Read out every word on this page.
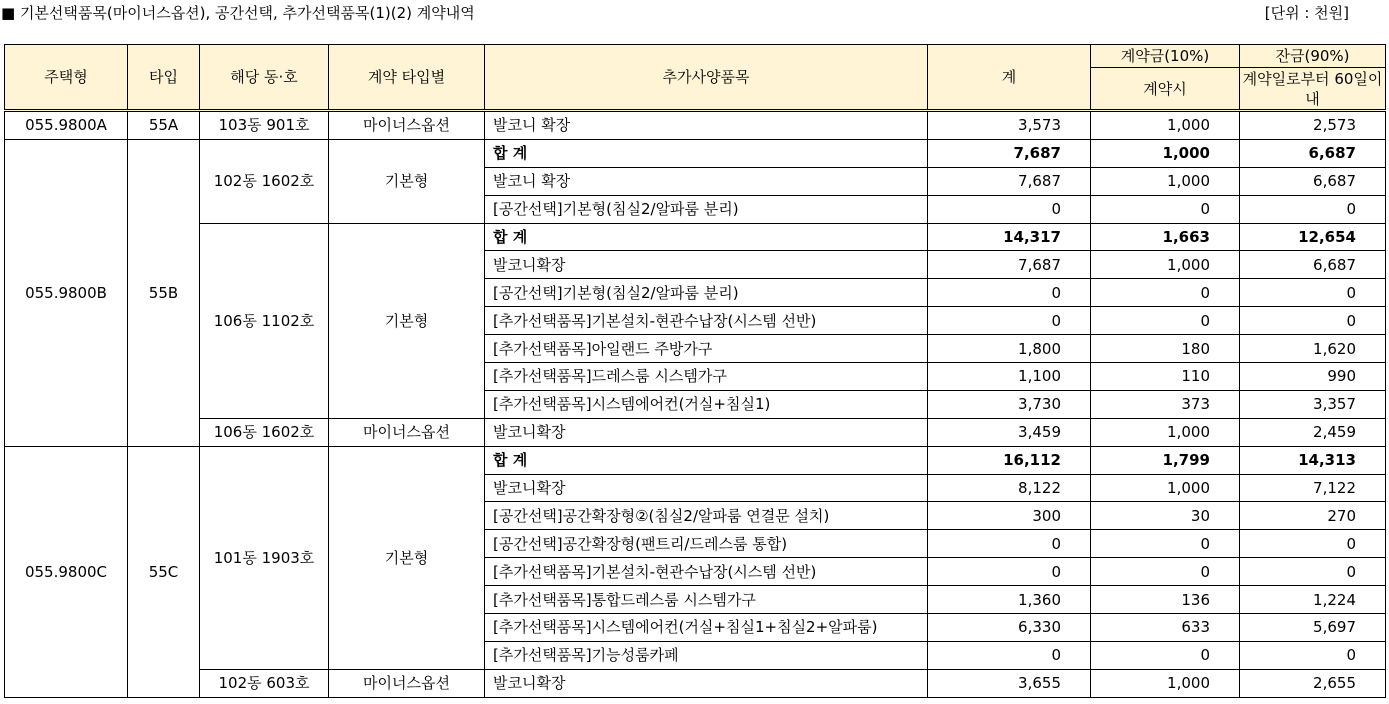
■ 기본선택품목(마이너스옵션), 공간선택, 추가선택품목(1)(2) 계약내역	[단위 : 천원]
주택형	타입	해당 동·호	계약 타입별	추가사양품목	계	계약금(10%)	잔금(90%)
						계약시	계약일로부터 60일이내
055.9800A	55A	103동 901호	마이너스옵션	발코니 확장	3,573	1,000	2,573
055.9800B	55B	102동 1602호	기본형	합 계	7,687	1,000	6,687
				발코니 확장	7,687	1,000	6,687
				[공간선택]기본형(침실2/알파룸 분리)	0	0	0
		106동 1102호	기본형	합 계	14,317	1,663	12,654
				발코니확장	7,687	1,000	6,687
				[공간선택]기본형(침실2/알파룸 분리)	0	0	0
				[추가선택품목]기본설치-현관수납장(시스템 선반)	0	0	0
				[추가선택품목]아일랜드 주방가구	1,800	180	1,620
				[추가선택품목]드레스룸 시스템가구	1,100	110	990
				[추가선택품목]시스템에어컨(거실+침실1)	3,730	373	3,357
		106동 1602호	마이너스옵션	발코니확장	3,459	1,000	2,459
055.9800C	55C	101동 1903호	기본형	합 계	16,112	1,799	14,313
				발코니확장	8,122	1,000	7,122
				[공간선택]공간확장형②(침실2/알파룸 연결문 설치)	300	30	270
				[공간선택]공간확장형(팬트리/드레스룸 통합)	0	0	0
				[추가선택품목]기본설치-현관수납장(시스템 선반)	0	0	0
				[추가선택품목]통합드레스룸 시스템가구	1,360	136	1,224
				[추가선택품목]시스템에어컨(거실+침실1+침실2+알파룸)	6,330	633	5,697
				[추가선택품목]기능성룸카페	0	0	0
		102동 603호	마이너스옵션	발코니확장	3,655	1,000	2,655
